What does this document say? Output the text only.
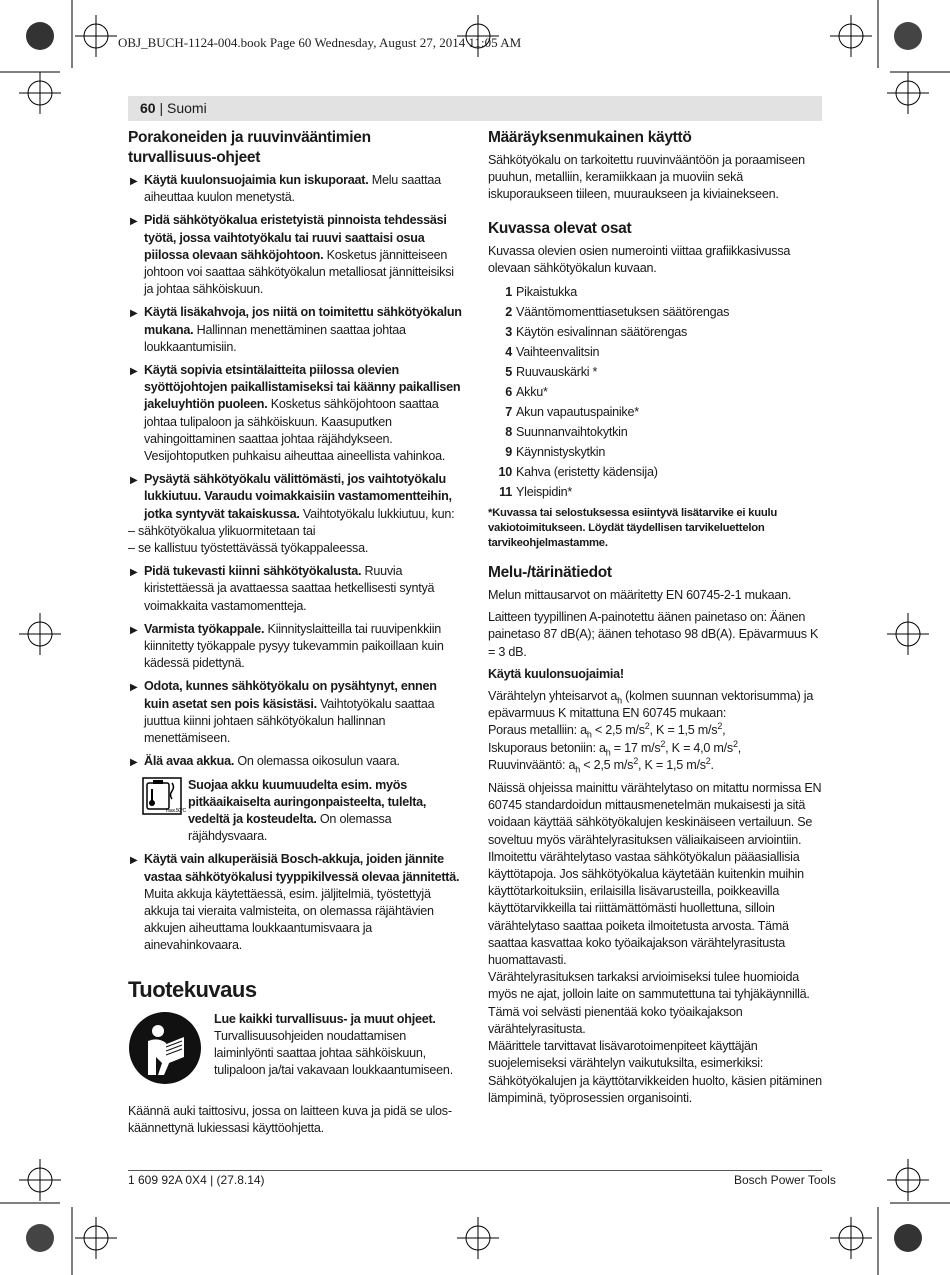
OBJ_BUCH-1124-004.book Page 60 Wednesday, August 27, 2014 11:05 AM
60 | Suomi
Porakoneiden ja ruuvinvääntimien turvallisuus-ohjeet
▶ Käytä kuulonsuojaimia kun iskuporaat. Melu saattaa aiheuttaa kuulon menetystä.
▶ Pidä sähkötyökalua eristetyistä pinnoista tehdessäsi työtä, jossa vaihtotyökalu tai ruuvi saattaisi osua piilossa olevaan sähköjohtoon. Kosketus jännitteiseen johtoon voi saattaa sähkötyökalun metalliosat jännitteisiksi ja johtaa sähköiskuun.
▶ Käytä lisäkahvoja, jos niitä on toimitettu sähkötyökalun mukana. Hallinnan menettäminen saattaa johtaa loukkaantumisiin.
▶ Käytä sopivia etsintälaitteita piilossa olevien syöttöjohtojen paikallistamiseksi tai käänny paikallisen jakeluyhtiön puoleen. Kosketus sähköjohtoon saattaa johtaa tulipaloon ja sähköiskuun. Kaasuputken vahingoittaminen saattaa johtaa räjähdykseen. Vesijohtoputken puhkaisu aiheuttaa aineellista vahinkoa.
▶ Pysäytä sähkötyökalu välittömästi, jos vaihtotyökalu lukkiutuu. Varaudu voimakkaisiin vastamomentteihin, jotka syntyvät takaiskussa. Vaihtotyökalu lukkiutuu, kun:

– sähkötyökalua ylikuormitetaan tai

– se kallistuu työstettävässä työkappaleessa.

▶ Pidä tukevasti kiinni sähkötyökalusta. Ruuvia kiristettäessä ja avattaessa saattaa hetkellisesti syntyä voimakkaita vastamomentteja.
▶ Varmista työkappale. Kiinnityslaitteilla tai ruuvipenkkiin kiinnitetty työkappale pysyy tukevammin paikoillaan kuin kädessä pidettynä.
▶ Odota, kunnes sähkötyökalu on pysähtynyt, ennen kuin asetat sen pois käsistäsi. Vaihtotyökalu saattaa juuttua kiinni johtaen sähkötyökalun hallinnan menettämiseen.
▶ Älä avaa akkua. On olemassa oikosulun vaara.
max.50°C
Suojaa akku kuumuudelta esim. myös pitkäaikaiselta auringonpaisteelta, tulelta, vedeltä ja kosteudelta. On olemassa räjähdysvaara.
▶ Käytä vain alkuperäisiä Bosch-akkuja, joiden jännite vastaa sähkötyökalusi tyyppikilvessä olevaa jännitettä. Muita akkuja käytettäessä, esim. jäljitelmiä, työstettyjä akkuja tai vieraita valmisteita, on olemassa räjähtävien akkujen aiheuttama loukkaantumisvaara ja ainevahinkovaara.
Tuotekuvaus
Lue kaikki turvallisuus- ja muut ohjeet. Turvallisuusohjeiden noudattamisen laiminlyönti saattaa johtaa sähköiskuun, tulipaloon ja/tai vakavaan loukkaantumiseen.

Käännä auki taittosivu, jossa on laitteen kuva ja pidä se ulos-käännettynä lukiessasi käyttöohjetta.

Määräyksenmukainen käyttö

Sähkötyökalu on tarkoitettu ruuvinvääntöön ja poraamiseen puuhun, metalliin, keramiikkaan ja muoviin sekä iskuporaukseen tiileen, muuraukseen ja kiviainekseen.

Kuvassa olevat osat

Kuvassa olevien osien numerointi viittaa grafiikkasivussa olevaan sähkötyökalun kuvaan.

1 Pikaistukka
2 Vääntömomenttiasetuksen säätörengas
3 Käytön esivalinnan säätörengas
4 Vaihteenvalitsin
5 Ruuvauskärki *
6 Akku*
7 Akun vapautuspainike*
8 Suunnanvaihtokytkin
9 Käynnistyskytkin
10 Kahva (eristetty kädensija)
11 Yleispidin*

*Kuvassa tai selostuksessa esiintyvä lisätarvike ei kuulu vakiotoimitukseen. Löydät täydellisen tarvikeluettelon tarvikeohjelmastamme.

Melu-/tärinätiedot

Melun mittausarvot on määritetty EN 60745-2-1 mukaan.

Laitteen tyypillinen A-painotettu äänen painetaso on: Äänen painetaso 87 dB(A); äänen tehotaso 98 dB(A). Epävarmuus K = 3 dB.

Käytä kuulonsuojaimia!

Värähtelyn yhteisarvot $a_h$ (kolmen suunnan vektorisumma) ja epävarmuus K mitattuna EN 60745 mukaan:

Poraus metalliin: $a_h < 2,5$ $m/s^2$, K = 1,5 $m/s^2$,

Iskuporaus betoniin: $a_h = 17$ $m/s^2$, K = 4,0 $m/s^2$,

Ruuvinvääntö: $a_h < 2,5$ $m/s^2$, K = 1,5 $m/s^2$.

Näissä ohjeissa mainittu värähtelytaso on mitattu normissa EN 60745 standardoidun mittausmenetelmän mukaisesti ja sitä voidaan käyttää sähkötyökalujen keskinäiseen vertailuun. Se soveltuu myös värähtelyrasituksen väliaikaiseen arviointiin.

Ilmoitettu värähtelytaso vastaa sähkötyökalun pääasiallisia käyttötapoja. Jos sähkötyökalua käytetään kuitenkin muihin käyttötarkoituksiin, erilaisilla lisävarusteilla, poikkeavilla käyttötarvikkeilla tai riittämättömästi huollettuna, silloin värähtelytaso saattaa poiketa ilmoitetusta arvosta. Tämä saattaa kasvattaa koko työaikajakson värähtelyrasitusta huomattavasti.

Värähtelyrasituksen tarkaksi arvioimiseksi tulee huomioida myös ne ajat, jolloin laite on sammutettuna tai tyhjäkäynnillä. Tämä voi selvästi pienentää koko työaikajakson värähtelyrasitusta.

Määrittele tarvittavat lisävarotoimenpiteet käyttäjän suojelemiseksi värähtelyn vaikutuksilta, esimerkiksi: Sähkötyökalujen ja käyttötarvikkeiden huolto, käsien pitäminen lämpiminä, työprosessien organisointi.

1 609 92A 0X4 | (27.8.14)	Bosch Power Tools
